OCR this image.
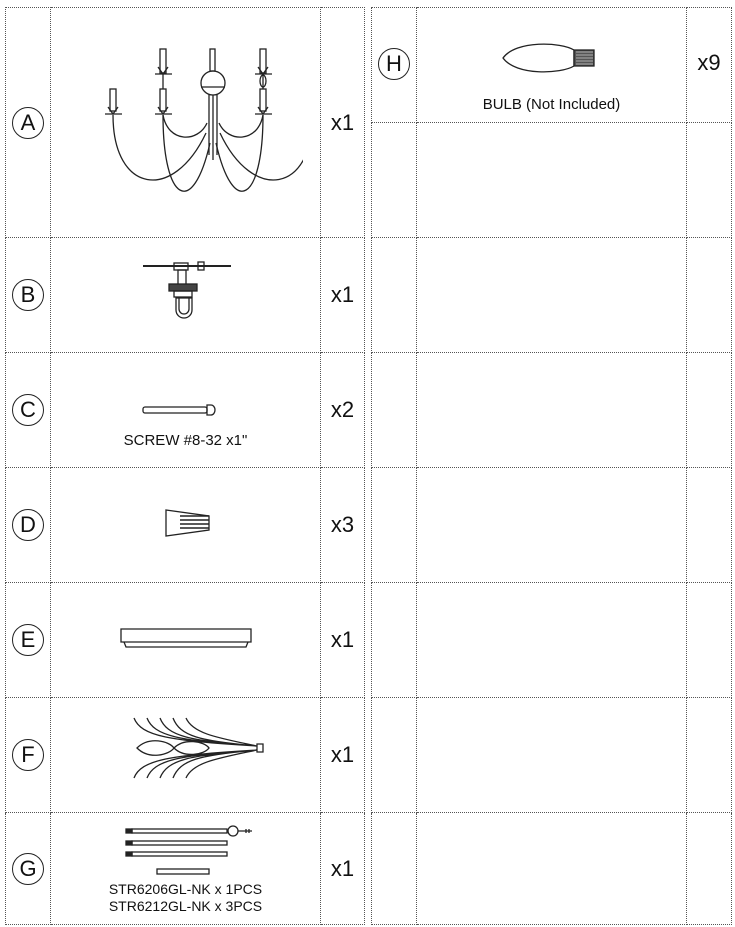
A		x1
B		x1
C	SCREW #8-32 x1"	x2
D		x3
E		x1
F		x1
G	STR6206GL-NK x 1PCS
STR6212GL-NK x 3PCS	x1
H	BULB (Not Included)	x9
